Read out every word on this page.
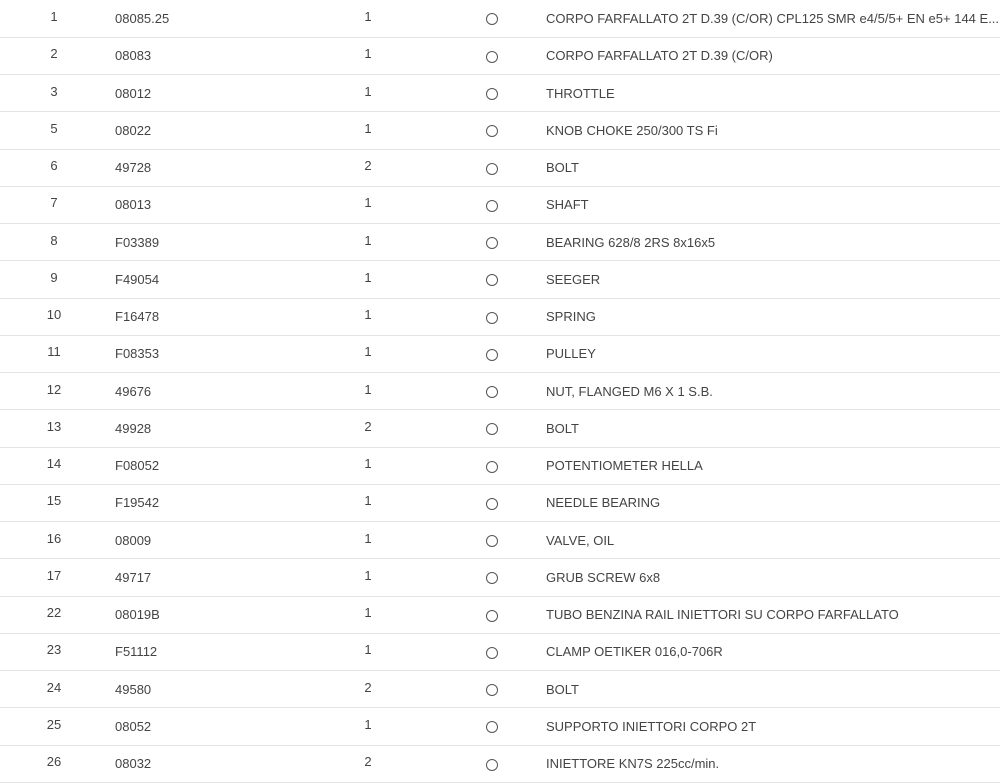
1	08085.25	1		CORPO FARFALLATO 2T D.39 (C/OR) CPL125 SMR e4/5/5+ EN e5+ 144 E...
2	08083	1		CORPO FARFALLATO 2T D.39 (C/OR)
3	08012	1		THROTTLE
5	08022	1		KNOB CHOKE 250/300 TS Fi
6	49728	2		BOLT
7	08013	1		SHAFT
8	F03389	1		BEARING 628/8 2RS 8x16x5
9	F49054	1		SEEGER
10	F16478	1		SPRING
11	F08353	1		PULLEY
12	49676	1		NUT, FLANGED M6 X 1 S.B.
13	49928	2		BOLT
14	F08052	1		POTENTIOMETER HELLA
15	F19542	1		NEEDLE BEARING
16	08009	1		VALVE, OIL
17	49717	1		GRUB SCREW 6x8
22	08019B	1		TUBO BENZINA RAIL INIETTORI SU CORPO FARFALLATO
23	F51112	1		CLAMP OETIKER 016,0-706R
24	49580	2		BOLT
25	08052	1		SUPPORTO INIETTORI CORPO 2T
26	08032	2		INIETTORE KN7S 225cc/min.
